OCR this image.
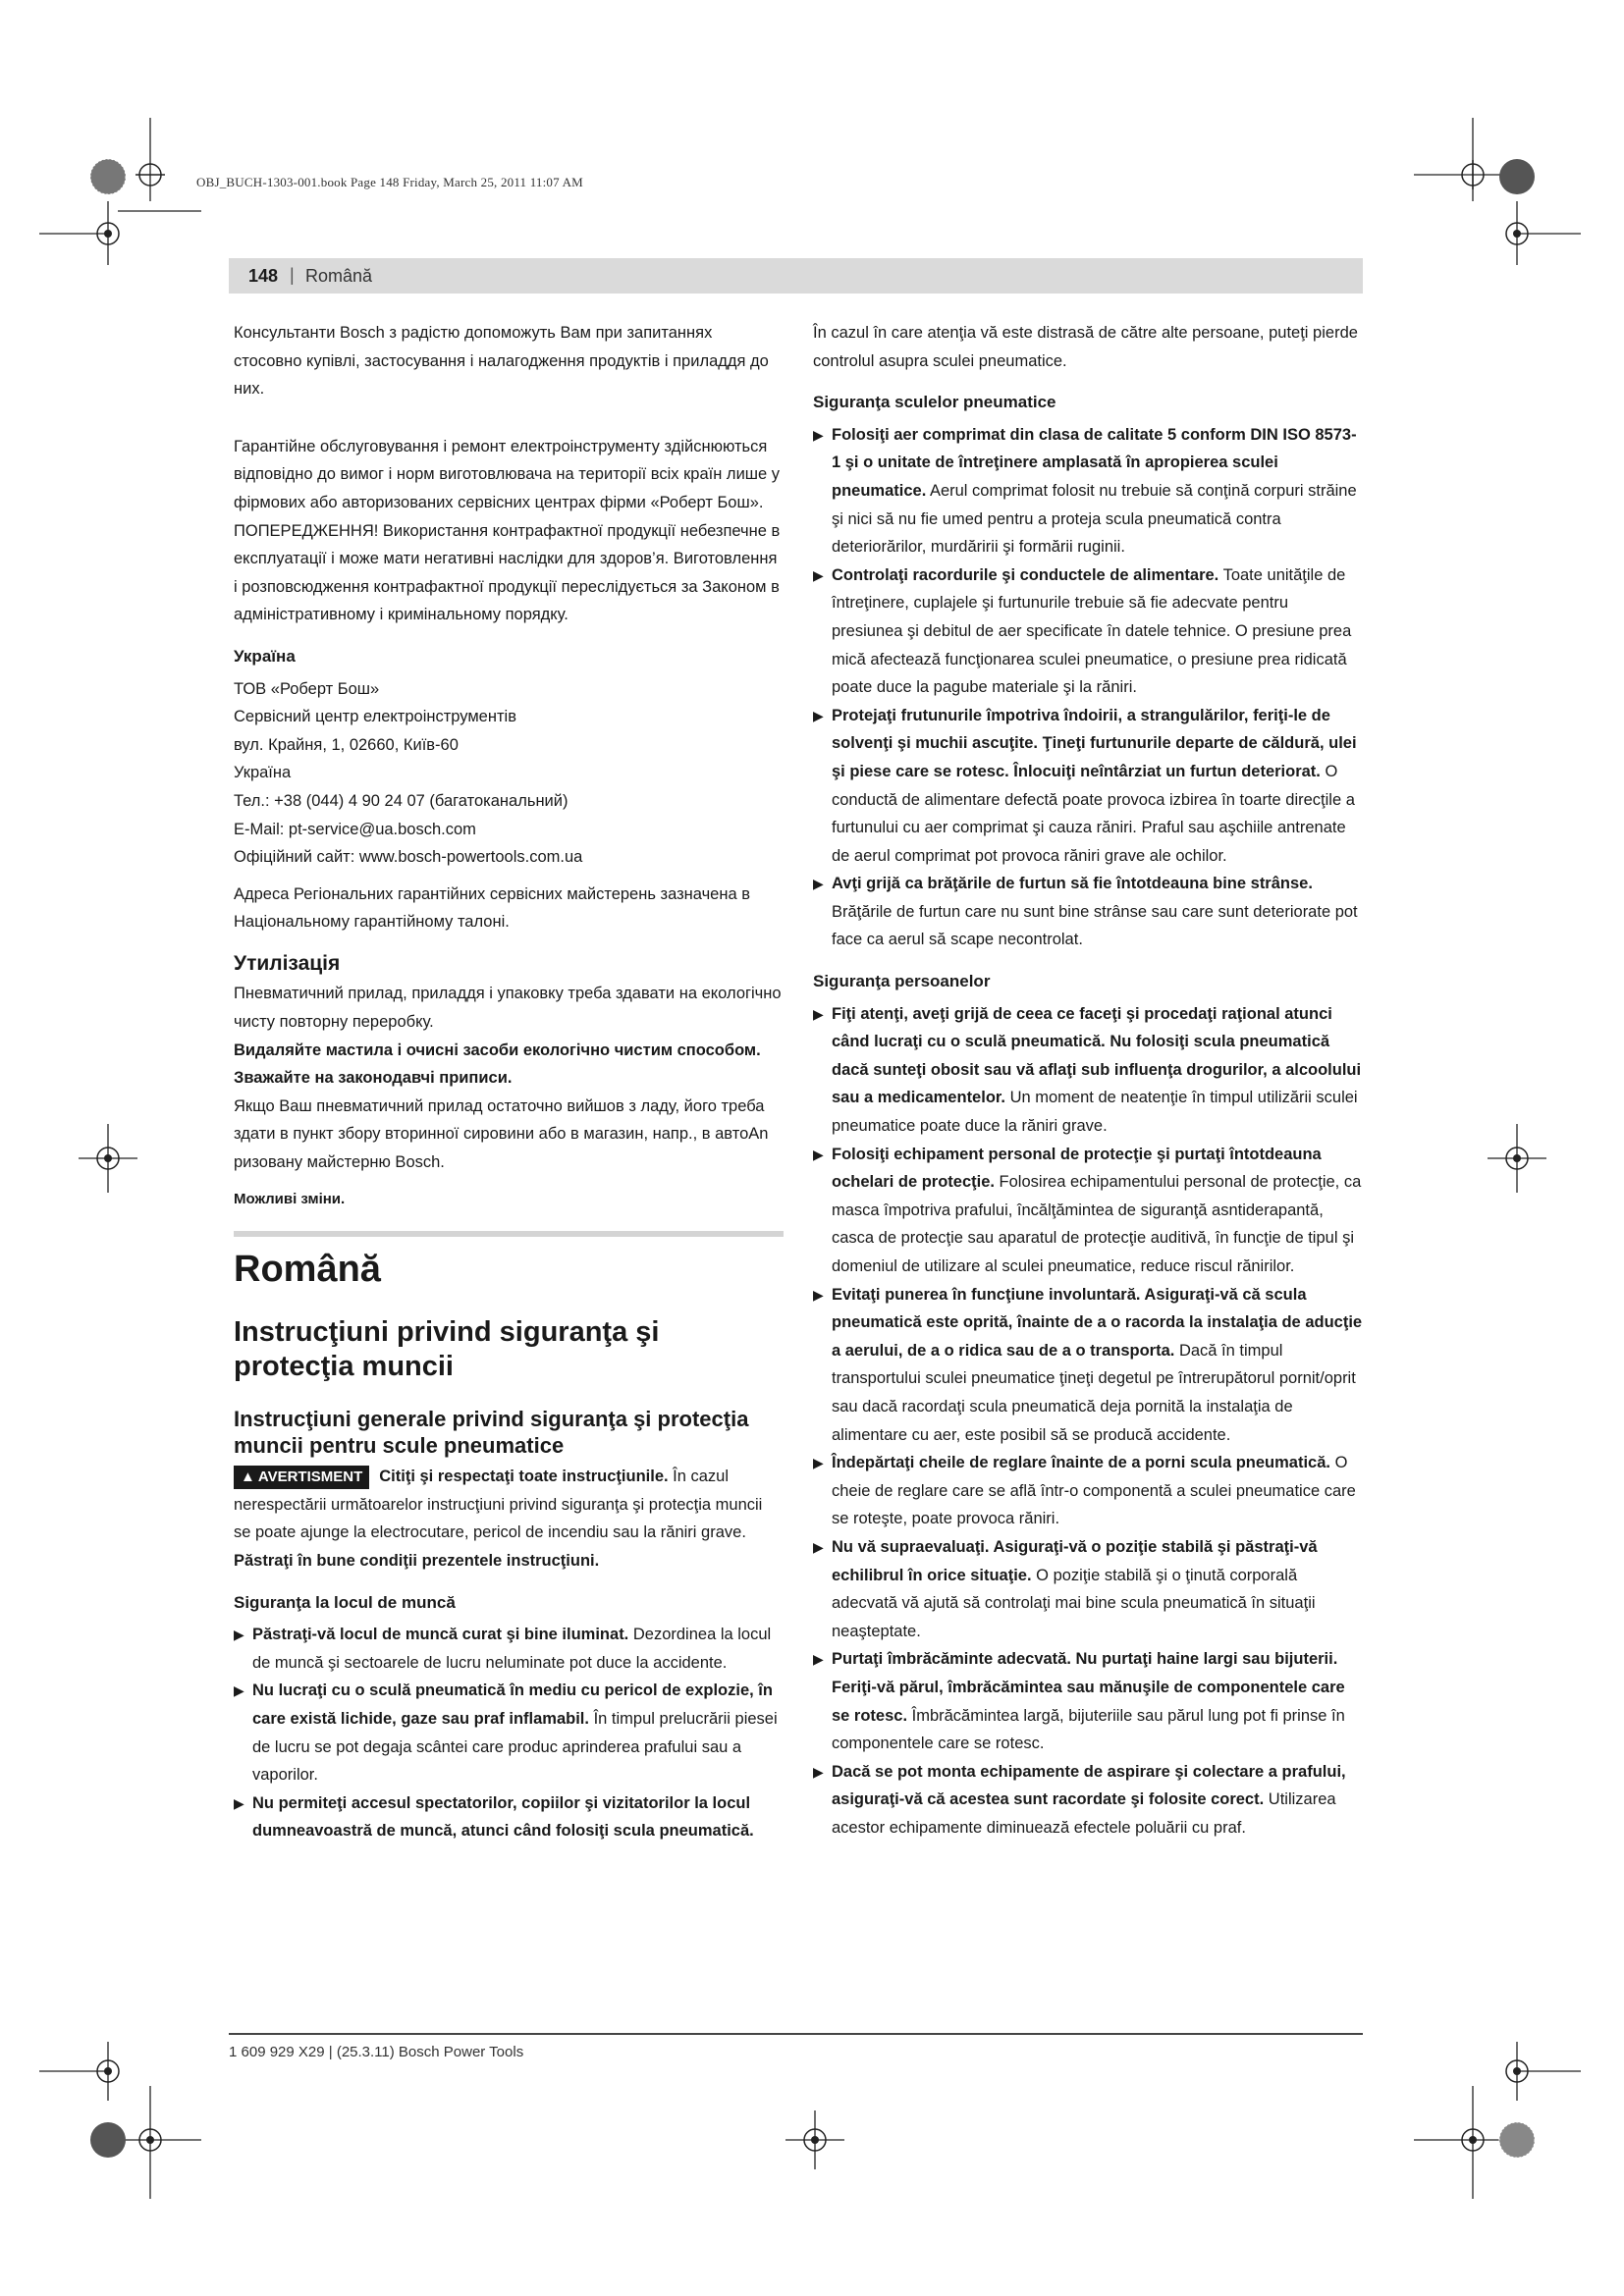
OBJ_BUCH-1303-001.book Page 148 Friday, March 25, 2011 11:07 AM
148 | Română

Консультанти Bosch з радістю допоможуть Вам при запитаннях стосовно купівлі, застосування і налагодження продуктів і приладдя до них.

Гарантійне обслуговування і ремонт електроінструменту здійснюються відповідно до вимог і норм виготовлювача на території всіх країн лише у фірмових або авторизованих сервісних центрах фірми «Роберт Бош».

ПОПЕРЕДЖЕННЯ! Використання контрафактної продукції небезпечне в експлуатації і може мати негативні наслідки для здоров’я. Виготовлення і розповсюдження контрафактної продукції переслідується за Законом в адміністративному і кримінальному порядку.

Україна

ТОВ «Роберт Бош»

Сервісний центр електроінструментів

вул. Крайня, 1, 02660, Київ-60

Україна

Тел.: +38 (044) 4 90 24 07 (багатоканальний)

E-Mail: pt-service@ua.bosch.com

Офіційний сайт: www.bosch-powertools.com.ua

Адреса Регіональних гарантійних сервісних майстерень зазначена в Національному гарантійному талоні.

Утилізація

Пневматичний прилад, приладдя і упаковку треба здавати на екологічно чисту повторну переробку.

Видаляйте мастила і очисні засоби екологічно чистим способом. Зважайте на законодавчі приписи.

Якщо Ваш пневматичний прилад остаточно вийшов з ладу, його треба здати в пункт збору вторинної сировини або в магазин, напр., в автоAn ризовану майстерню Bosch.

Можливі зміни.

Română

Instrucţiuni privind siguranţa şi protecţia muncii

Instrucţiuni generale privind siguranţa şi protecţia muncii pentru scule pneumatice

▲ AVERTISMENT Citiţi şi respectaţi toate instrucţiunile. În cazul nerespectării următoarelor instrucţiuni privind siguranţa şi protecţia muncii se poate ajunge la electrocutare, pericol de incendiu sau la răniri grave.

Păstraţi în bune condiţii prezentele instrucţiuni.

Siguranţa la locul de muncă

▶ Păstraţi-vă locul de muncă curat şi bine iluminat. Dezordinea la locul de muncă şi sectoarele de lucru neluminate pot duce la accidente.
▶ Nu lucraţi cu o sculă pneumatică în mediu cu pericol de explozie, în care există lichide, gaze sau praf inflamabil. În timpul prelucrării piesei de lucru se pot degaja scântei care produc aprinderea prafului sau a vaporilor.
▶ Nu permiteţi accesul spectatorilor, copiilor şi vizitatorilor la locul dumneavoastră de muncă, atunci când folosiţi scula pneumatică.

În cazul în care atenţia vă este distrasă de către alte persoane, puteţi pierde controlul asupra sculei pneumatice.

Siguranţa sculelor pneumatice

▶ Folosiţi aer comprimat din clasa de calitate 5 conform DIN ISO 8573-1 şi o unitate de întreţinere amplasată în apropierea sculei pneumatice. Aerul comprimat folosit nu trebuie să conţină corpuri străine şi nici să nu fie umed pentru a proteja scula pneumatică contra deteriorărilor, murdăririi şi formării ruginii.
▶ Controlaţi racordurile şi conductele de alimentare. Toate unităţile de întreţinere, cuplajele şi furtunurile trebuie să fie adecvate pentru presiunea şi debitul de aer specificate în datele tehnice. O presiune prea mică afectează funcţionarea sculei pneumatice, o presiune prea ridicată poate duce la pagube materiale şi la răniri.
▶ Protejaţi frutunurile împotriva îndoirii, a strangulărilor, feriţi-le de solvenţi şi muchii ascuţite. Ţineţi furtunurile departe de căldură, ulei şi piese care se rotesc. Înlocuiţi neîntârziat un furtun deteriorat. O conductă de alimentare defectă poate provoca izbirea în toarte direcţile a furtunului cu aer comprimat şi cauza răniri. Praful sau aşchiile antrenate de aerul comprimat pot provoca răniri grave ale ochilor.
▶ Avţi grijă ca brăţările de furtun să fie întotdeauna bine strânse. Brăţările de furtun care nu sunt bine strânse sau care sunt deteriorate pot face ca aerul să scape necontrolat.

Siguranţa persoanelor

▶ Fiţi atenţi, aveţi grijă de ceea ce faceţi şi procedaţi raţional atunci când lucraţi cu o sculă pneumatică. Nu folosiţi scula pneumatică dacă sunteţi obosit sau vă aflaţi sub influenţa drogurilor, a alcoolului sau a medicamentelor. Un moment de neatenţie în timpul utilizării sculei pneumatice poate duce la răniri grave.
▶ Folosiţi echipament personal de protecţie şi purtaţi întotdeauna ochelari de protecţie. Folosirea echipamentului personal de protecţie, ca masca împotriva prafului, încălţămintea de siguranţă asntiderapantă, casca de protecţie sau aparatul de protecţie auditivă, în funcţie de tipul şi domeniul de utilizare al sculei pneumatice, reduce riscul rănirilor.
▶ Evitaţi punerea în funcţiune involuntară. Asiguraţi-vă că scula pneumatică este oprită, înainte de a o racorda la instalaţia de aducţie a aerului, de a o ridica sau de a o transporta. Dacă în timpul transportului sculei pneumatice ţineţi degetul pe întrerupătorul pornit/oprit sau dacă racordaţi scula pneumatică deja pornită la instalaţia de alimentare cu aer, este posibil să se producă accidente.
▶ Îndepărtaţi cheile de reglare înainte de a porni scula pneumatică. O cheie de reglare care se află într-o componentă a sculei pneumatice care se roteşte, poate provoca răniri.
▶ Nu vă supraevaluaţi. Asiguraţi-vă o poziţie stabilă şi păstraţi-vă echilibrul în orice situaţie. O poziţie stabilă şi o ţinută corporală adecvată vă ajută să controlaţi mai bine scula pneumatică în situaţii neaşteptate.
▶ Purtaţi îmbrăcăminte adecvată. Nu purtaţi haine largi sau bijuterii. Feriţi-vă părul, îmbrăcămintea sau mănuşile de componentele care se rotesc. Îmbrăcămintea largă, bijuteriile sau părul lung pot fi prinse în componentele care se rotesc.
▶ Dacă se pot monta echipamente de aspirare şi colectare a prafului, asiguraţi-vă că acestea sunt racordate şi folosite corect. Utilizarea acestor echipamente diminuează efectele poluării cu praf.
1 609 929 X29 | (25.3.11) Bosch Power Tools
